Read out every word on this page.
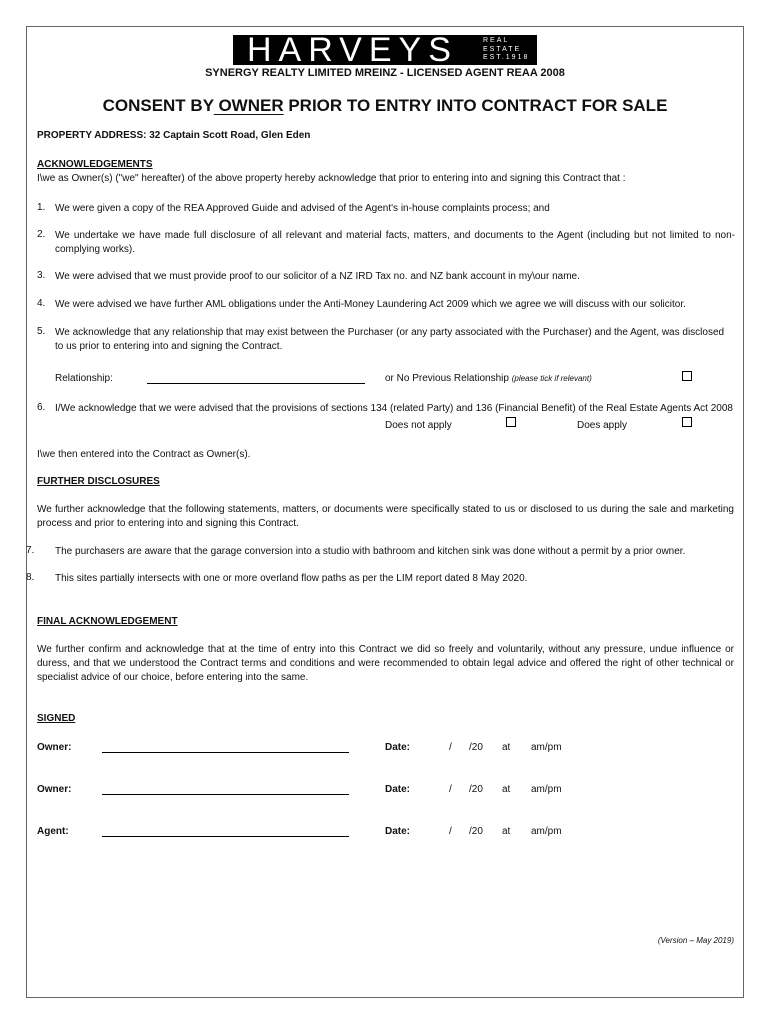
HARVEYS	REAL
ESTATE
EST.1918
SYNERGY REALTY LIMITED MREINZ - LICENSED AGENT REAA 2008
CONSENT BY OWNER PRIOR TO ENTRY INTO CONTRACT FOR SALE
PROPERTY ADDRESS: 32 Captain Scott Road, Glen Eden
ACKNOWLEDGEMENTS
I\we as Owner(s) ("we" hereafter) of the above property hereby acknowledge that prior to entering into and signing this Contract that :
1. We were given a copy of the REA Approved Guide and advised of the Agent's in-house complaints process; and
2. We undertake we have made full disclosure of all relevant and material facts, matters, and documents to the Agent (including but not limited to non-complying works).
3. We were advised that we must provide proof to our solicitor of a NZ IRD Tax no. and NZ bank account in my\our name.
4. We were advised we have further AML obligations under the Anti-Money Laundering Act 2009 which we agree we will discuss with our solicitor.
5. We acknowledge that any relationship that may exist between the Purchaser (or any party associated with the Purchaser) and the Agent, was disclosed to us prior to entering into and signing the Contract.
Relationship:	or No Previous Relationship (please tick if relevant)
6. I/We acknowledge that we were advised that the provisions of sections 134 (related Party) and 136 (Financial Benefit) of the Real Estate Agents Act 2008
Does not apply	Does apply
I\we then entered into the Contract as Owner(s).
FURTHER DISCLOSURES
We further acknowledge that the following statements, matters, or documents were specifically stated to us or disclosed to us during the sale and marketing process and prior to entering into and signing this Contract.
7. The purchasers are aware that the garage conversion into a studio with bathroom and kitchen sink was done without a permit by a prior owner.
8. This sites partially intersects with one or more overland flow paths as per the LIM report dated 8 May 2020.
FINAL ACKNOWLEDGEMENT
We further confirm and acknowledge that at the time of entry into this Contract we did so freely and voluntarily, without any pressure, undue influence or duress, and that we understood the Contract terms and conditions and were recommended to obtain legal advice and offered the right of other technical or specialist advice of our choice, before entering into the same.
SIGNED
Owner:	Date:	/ /20 at am/pm
Owner:	Date:	/ /20 at am/pm
Agent:	Date:	/ /20 at am/pm
(Version – May 2019)
